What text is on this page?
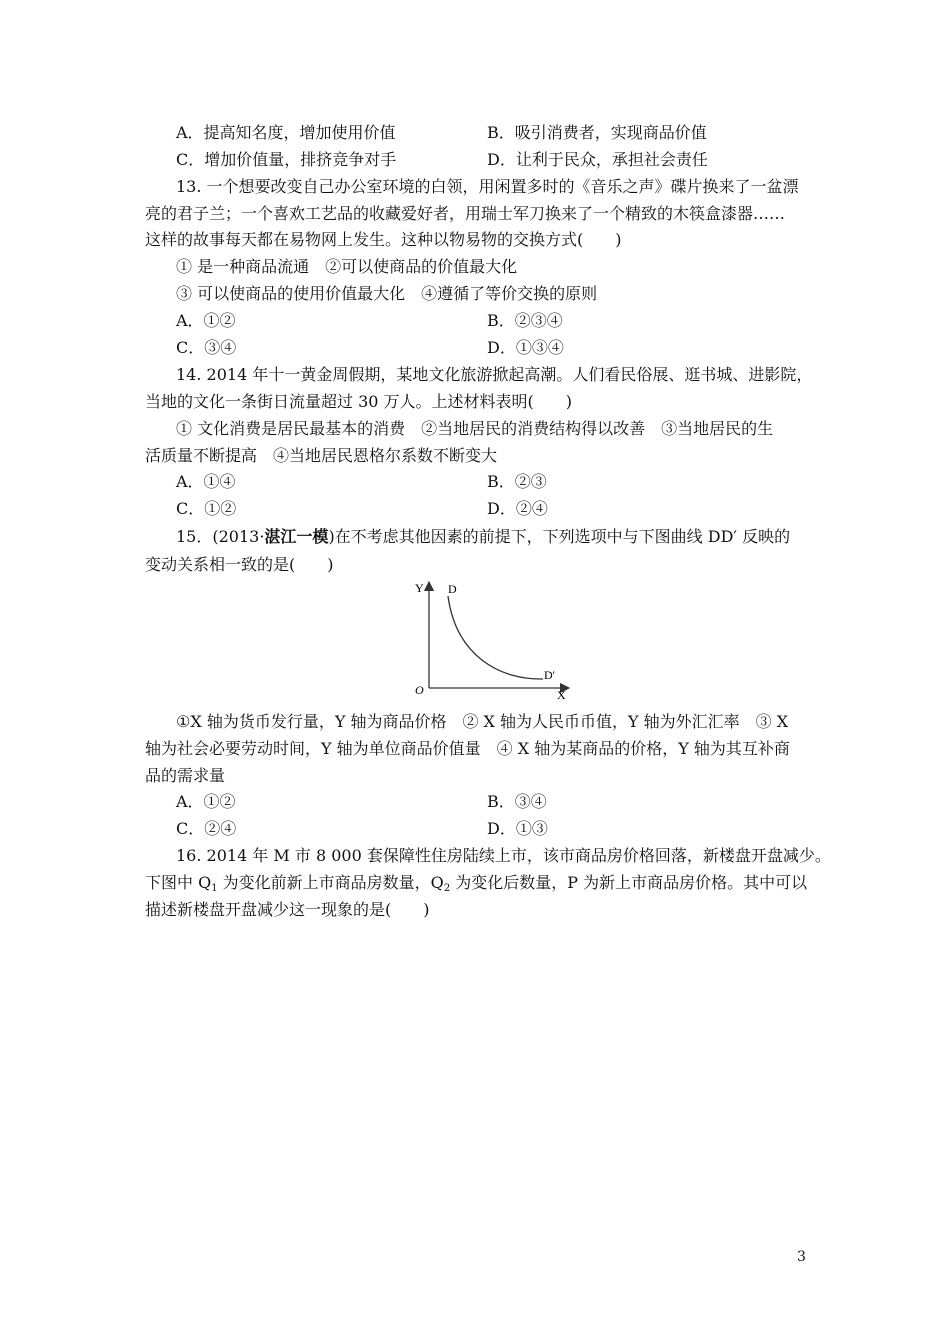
A．提高知名度，增加使用价值	B．吸引消费者，实现商品价值
C．增加价值量，排挤竞争对手	D．让利于民众，承担社会责任
13. 一个想要改变自己办公室环境的白领，用闲置多时的《音乐之声》碟片换来了一盆漂
亮的君子兰；一个喜欢工艺品的收藏爱好者，用瑞士军刀换来了一个精致的木筷盒漆器……
这样的故事每天都在易物网上发生。这种以物易物的交换方式(　　)
① 是一种商品流通　②可以使商品的价值最大化
③ 可以使商品的使用价值最大化　④遵循了等价交换的原则
A．①②	B．②③④
C．③④	D．①③④
14. 2014 年十一黄金周假期，某地文化旅游掀起高潮。人们看民俗展、逛书城、进影院，
当地的文化一条街日流量超过 30 万人。上述材料表明(　　)
① 文化消费是居民最基本的消费　②当地居民的消费结构得以改善　③当地居民的生
活质量不断提高　④当地居民恩格尔系数不断变大
A．①④	B．②③
C．①②	D．②④
15．(2013·湛江一模)在不考虑其他因素的前提下，下列选项中与下图曲线 DD′ 反映的
变动关系相一致的是(　　)
Y
X
O
D
D'
①X 轴为货币发行量，Y 轴为商品价格　② X 轴为人民币币值，Y 轴为外汇汇率　③ X
轴为社会必要劳动时间，Y 轴为单位商品价值量　④ X 轴为某商品的价格，Y 轴为其互补商
品的需求量
A．①②	B．③④
C．②④	D．①③
16. 2014 年 M 市 8 000 套保障性住房陆续上市，该市商品房价格回落，新楼盘开盘减少。
下图中 $Q_1$ 为变化前新上市商品房数量，$Q_2$ 为变化后数量，P 为新上市商品房价格。其中可以
描述新楼盘开盘减少这一现象的是(　　)
3
